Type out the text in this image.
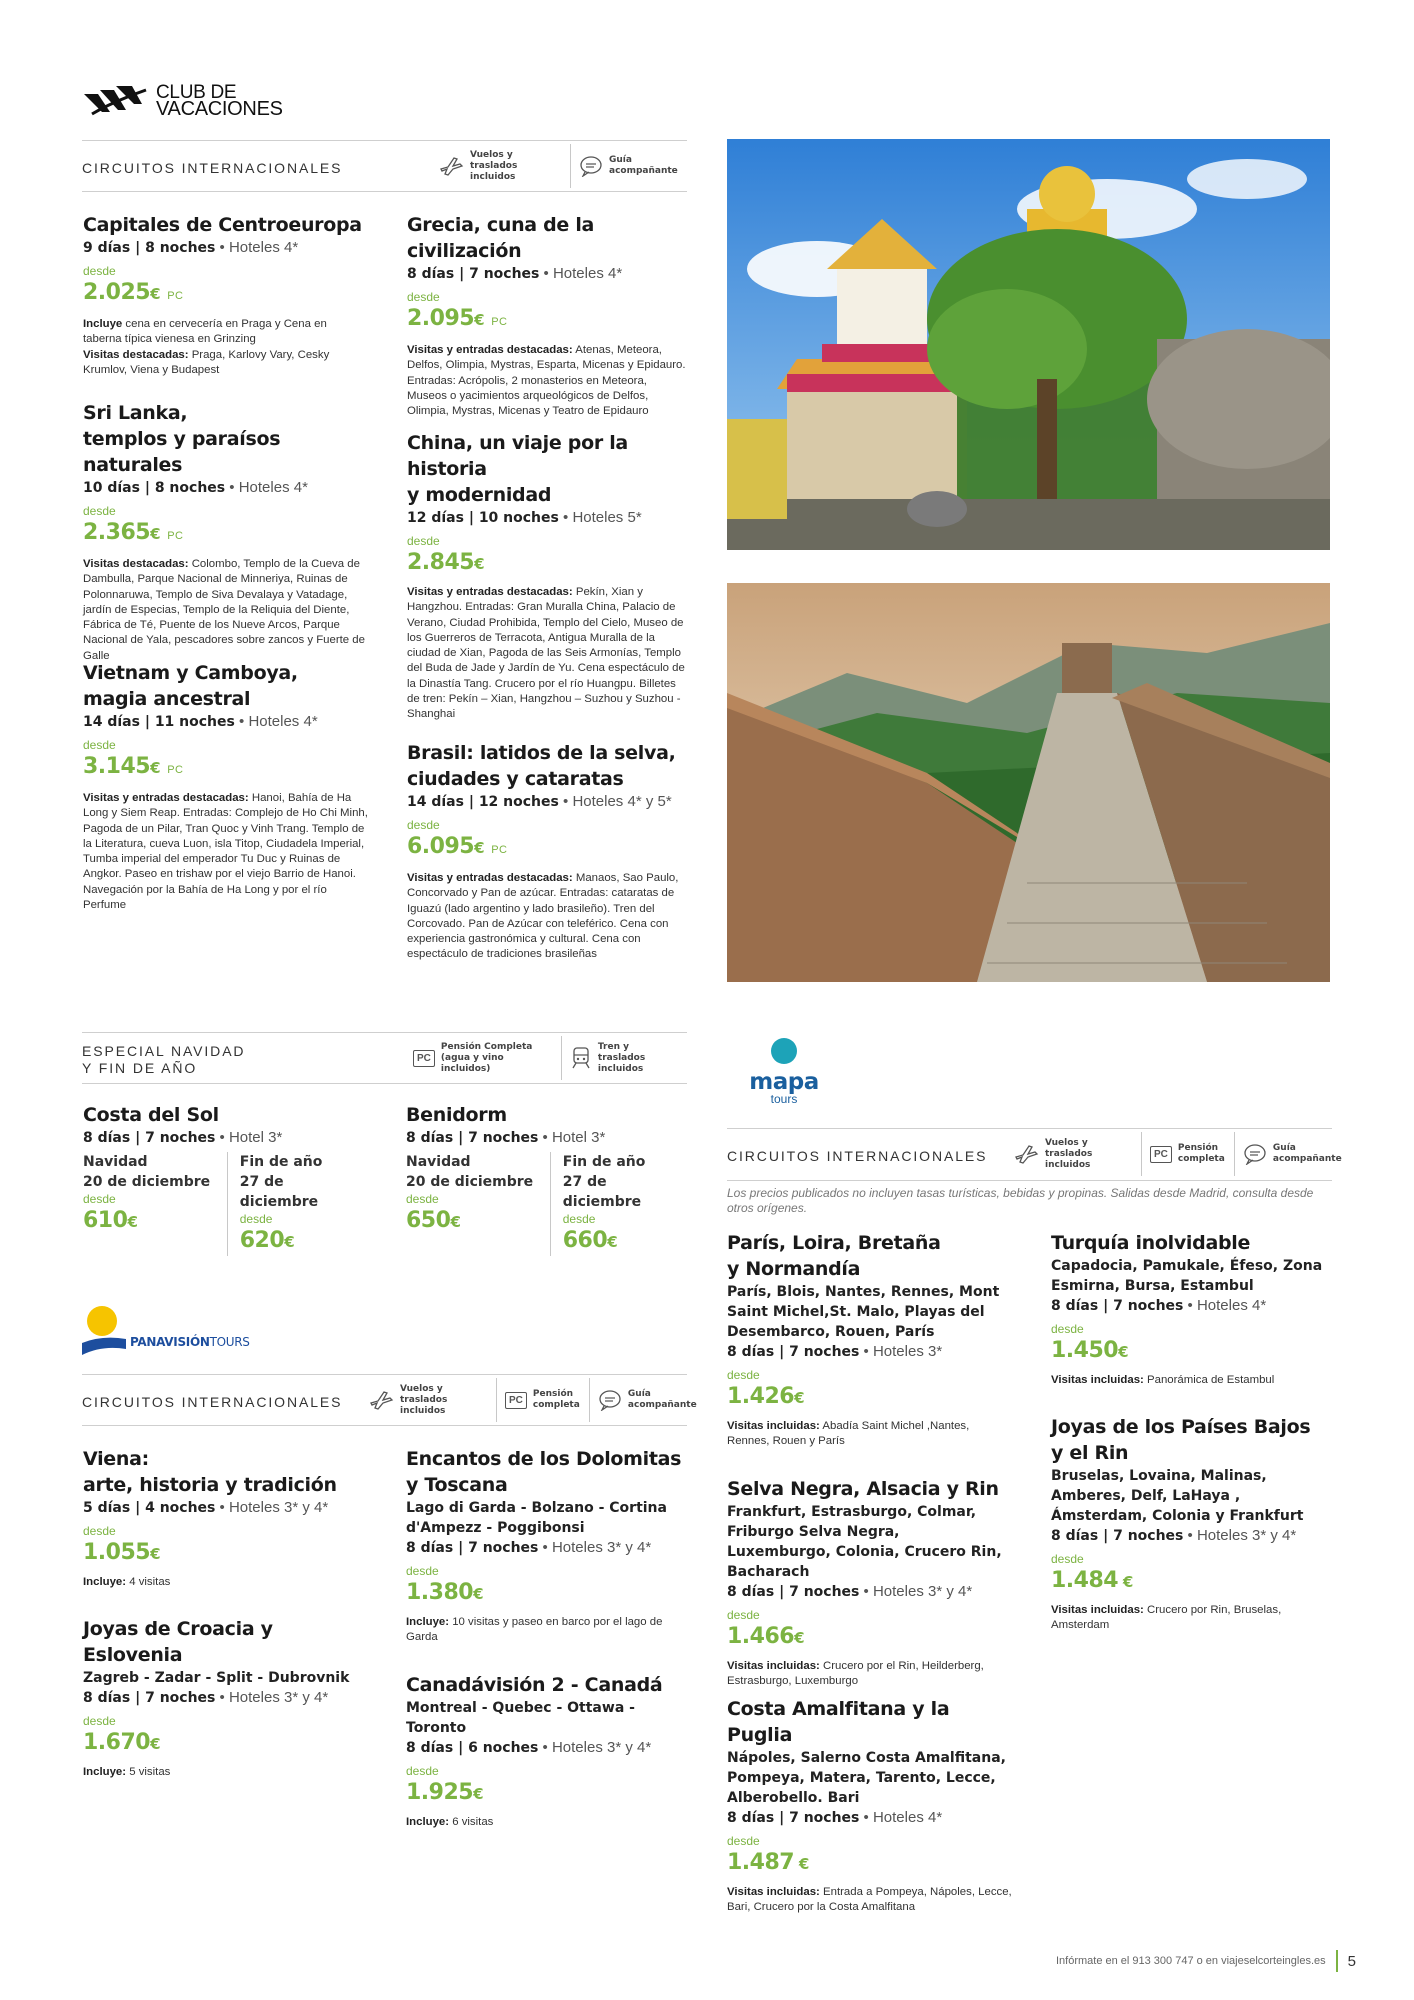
CLUB DE
VACACIONES
CIRCUITOS INTERNACIONALES
Vuelos y traslados incluidos
Guía acompañante
Capitales de Centroeuropa
9 días | 8 noches • Hoteles 4*
desde
2.025€ PC
Incluye cena en cervecería en Praga y Cena en taberna típica vienesa en Grinzing
Visitas destacadas: Praga, Karlovy Vary, Cesky Krumlov, Viena y Budapest
Sri Lanka,
templos y paraísos naturales
10 días | 8 noches • Hoteles 4*
desde
2.365€ PC
Visitas destacadas: Colombo, Templo de la Cueva de Dambulla, Parque Nacional de Minneriya, Ruinas de Polonnaruwa, Templo de Siva Devalaya y Vatadage, jardín de Especias, Templo de la Reliquia del Diente, Fábrica de Té, Puente de los Nueve Arcos, Parque Nacional de Yala, pescadores sobre zancos y Fuerte de Galle
Vietnam y Camboya,
magia ancestral
14 días | 11 noches • Hoteles 4*
desde
3.145€ PC
Visitas y entradas destacadas: Hanoi, Bahía de Ha Long y Siem Reap. Entradas: Complejo de Ho Chi Minh, Pagoda de un Pilar, Tran Quoc y Vinh Trang. Templo de la Literatura, cueva Luon, isla Titop, Ciudadela Imperial, Tumba imperial del emperador Tu Duc y Ruinas de Angkor. Paseo en trishaw por el viejo Barrio de Hanoi. Navegación por la Bahía de Ha Long y por el río Perfume
Grecia, cuna de la civilización
8 días | 7 noches • Hoteles 4*
desde
2.095€ PC
Visitas y entradas destacadas: Atenas, Meteora, Delfos, Olimpia, Mystras, Esparta, Micenas y Epidauro. Entradas: Acrópolis, 2 monasterios en Meteora, Museos o yacimientos arqueológicos de Delfos, Olimpia, Mystras, Micenas y Teatro de Epidauro
China, un viaje por la historia
y modernidad
12 días | 10 noches • Hoteles 5*
desde
2.845€
Visitas y entradas destacadas: Pekín, Xian y Hangzhou. Entradas: Gran Muralla China, Palacio de Verano, Ciudad Prohibida, Templo del Cielo, Museo de los Guerreros de Terracota, Antigua Muralla de la ciudad de Xian, Pagoda de las Seis Armonías, Templo del Buda de Jade y Jardín de Yu. Cena espectáculo de la Dinastía Tang. Crucero por el río Huangpu. Billetes de tren: Pekín – Xian, Hangzhou – Suzhou y Suzhou - Shanghai
Brasil: latidos de la selva,
ciudades y cataratas
14 días | 12 noches • Hoteles 4* y 5*
desde
6.095€ PC
Visitas y entradas destacadas: Manaos, Sao Paulo, Concorvado y Pan de azúcar. Entradas: cataratas de Iguazú (lado argentino y lado brasileño). Tren del Corcovado. Pan de Azúcar con teleférico. Cena con experiencia gastronómica y cultural. Cena con espectáculo de tradiciones brasileñas
ESPECIAL NAVIDAD
Y FIN DE AÑO
PC
Pensión Completa (agua y vino incluidos)
Tren y traslados incluidos
Costa del Sol
8 días | 7 noches • Hotel 3*
Navidad
20 de diciembre
desde
610€
Fin de año
27 de diciembre
desde
620€
Benidorm
8 días | 7 noches • Hotel 3*
Navidad
20 de diciembre
desde
650€
Fin de año
27 de diciembre
desde
660€
PANAVISIÓNTOURS
CIRCUITOS INTERNACIONALES
Vuelos y traslados incluidos
PC
Pensión completa
Guía acompañante
Viena:
arte, historia y tradición
5 días | 4 noches • Hoteles 3* y 4*
desde
1.055€
Incluye: 4 visitas
Joyas de Croacia y Eslovenia
Zagreb - Zadar - Split - Dubrovnik
8 días | 7 noches • Hoteles 3* y 4*
desde
1.670€
Incluye: 5 visitas
Encantos de los Dolomitas
y Toscana
Lago di Garda - Bolzano - Cortina d'Ampezz - Poggibonsi
8 días | 7 noches • Hoteles 3* y 4*
desde
1.380€
Incluye: 10 visitas y paseo en barco por el lago de Garda
Canadávisión 2 - Canadá
Montreal - Quebec - Ottawa - Toronto
8 días | 6 noches • Hoteles 3* y 4*
desde
1.925€
Incluye: 6 visitas
mapa
tours
CIRCUITOS INTERNACIONALES
Vuelos y traslados incluidos
PC
Pensión completa
Guía acompañante
Los precios publicados no incluyen tasas turísticas, bebidas y propinas. Salidas desde Madrid, consulta desde otros orígenes.
París, Loira, Bretaña
y Normandía
París, Blois, Nantes, Rennes, Mont Saint Michel,St. Malo, Playas del Desembarco, Rouen, París
8 días | 7 noches • Hoteles 3*
desde
1.426€
Visitas incluidas: Abadía Saint Michel ,Nantes, Rennes, Rouen y París
Selva Negra, Alsacia y Rin
Frankfurt, Estrasburgo, Colmar, Friburgo Selva Negra, Luxemburgo, Colonia, Crucero Rin, Bacharach
8 días | 7 noches • Hoteles 3* y 4*
desde
1.466€
Visitas incluidas: Crucero por el Rin, Heilderberg, Estrasburgo, Luxemburgo
Costa Amalfitana y la Puglia
Nápoles, Salerno Costa Amalfitana, Pompeya, Matera, Tarento, Lecce, Alberobello. Bari
8 días | 7 noches • Hoteles 4*
desde
1.487 €
Visitas incluidas: Entrada a Pompeya, Nápoles, Lecce, Bari, Crucero por la Costa Amalfitana
Turquía inolvidable
Capadocia, Pamukale, Éfeso, Zona Esmirna, Bursa, Estambul
8 días | 7 noches • Hoteles 4*
desde
1.450€
Visitas incluidas: Panorámica de Estambul
Joyas de los Países Bajos
y el Rin
Bruselas, Lovaina, Malinas, Amberes, Delf, LaHaya , Ámsterdam, Colonia y Frankfurt
8 días | 7 noches • Hoteles 3* y 4*
desde
1.484 €
Visitas incluidas: Crucero por Rin, Bruselas, Amsterdam
Infórmate en el 913 300 747 o en viajeselcorteingles.es 5
